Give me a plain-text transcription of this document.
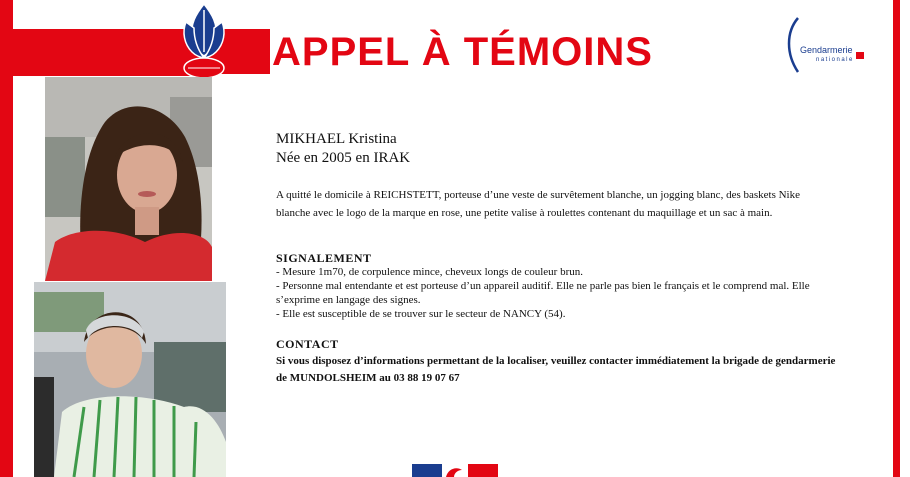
APPEL À TÉMOINS	Gendarmerie
nationale
MIKHAEL Kristina
Née en 2005 en IRAK
A quitté le domicile à REICHSTETT, porteuse d’une veste de survêtement blanche, un jogging blanc, des baskets Nike blanche avec le logo de la marque en rose, une petite valise à roulettes contenant du maquillage et un sac à main.
SIGNALEMENT
- Mesure 1m70, de corpulence mince, cheveux longs de couleur brun.
- Personne mal entendante et est porteuse d’un appareil auditif. Elle ne parle pas bien le français et le comprend mal. Elle s’exprime en langage des signes.
- Elle est susceptible de se trouver sur le secteur de NANCY (54).
CONTACT
Si vous disposez d’informations permettant de la localiser, veuillez contacter immédiatement la brigade de gendarmerie de MUNDOLSHEIM au 03 88 19 07 67
